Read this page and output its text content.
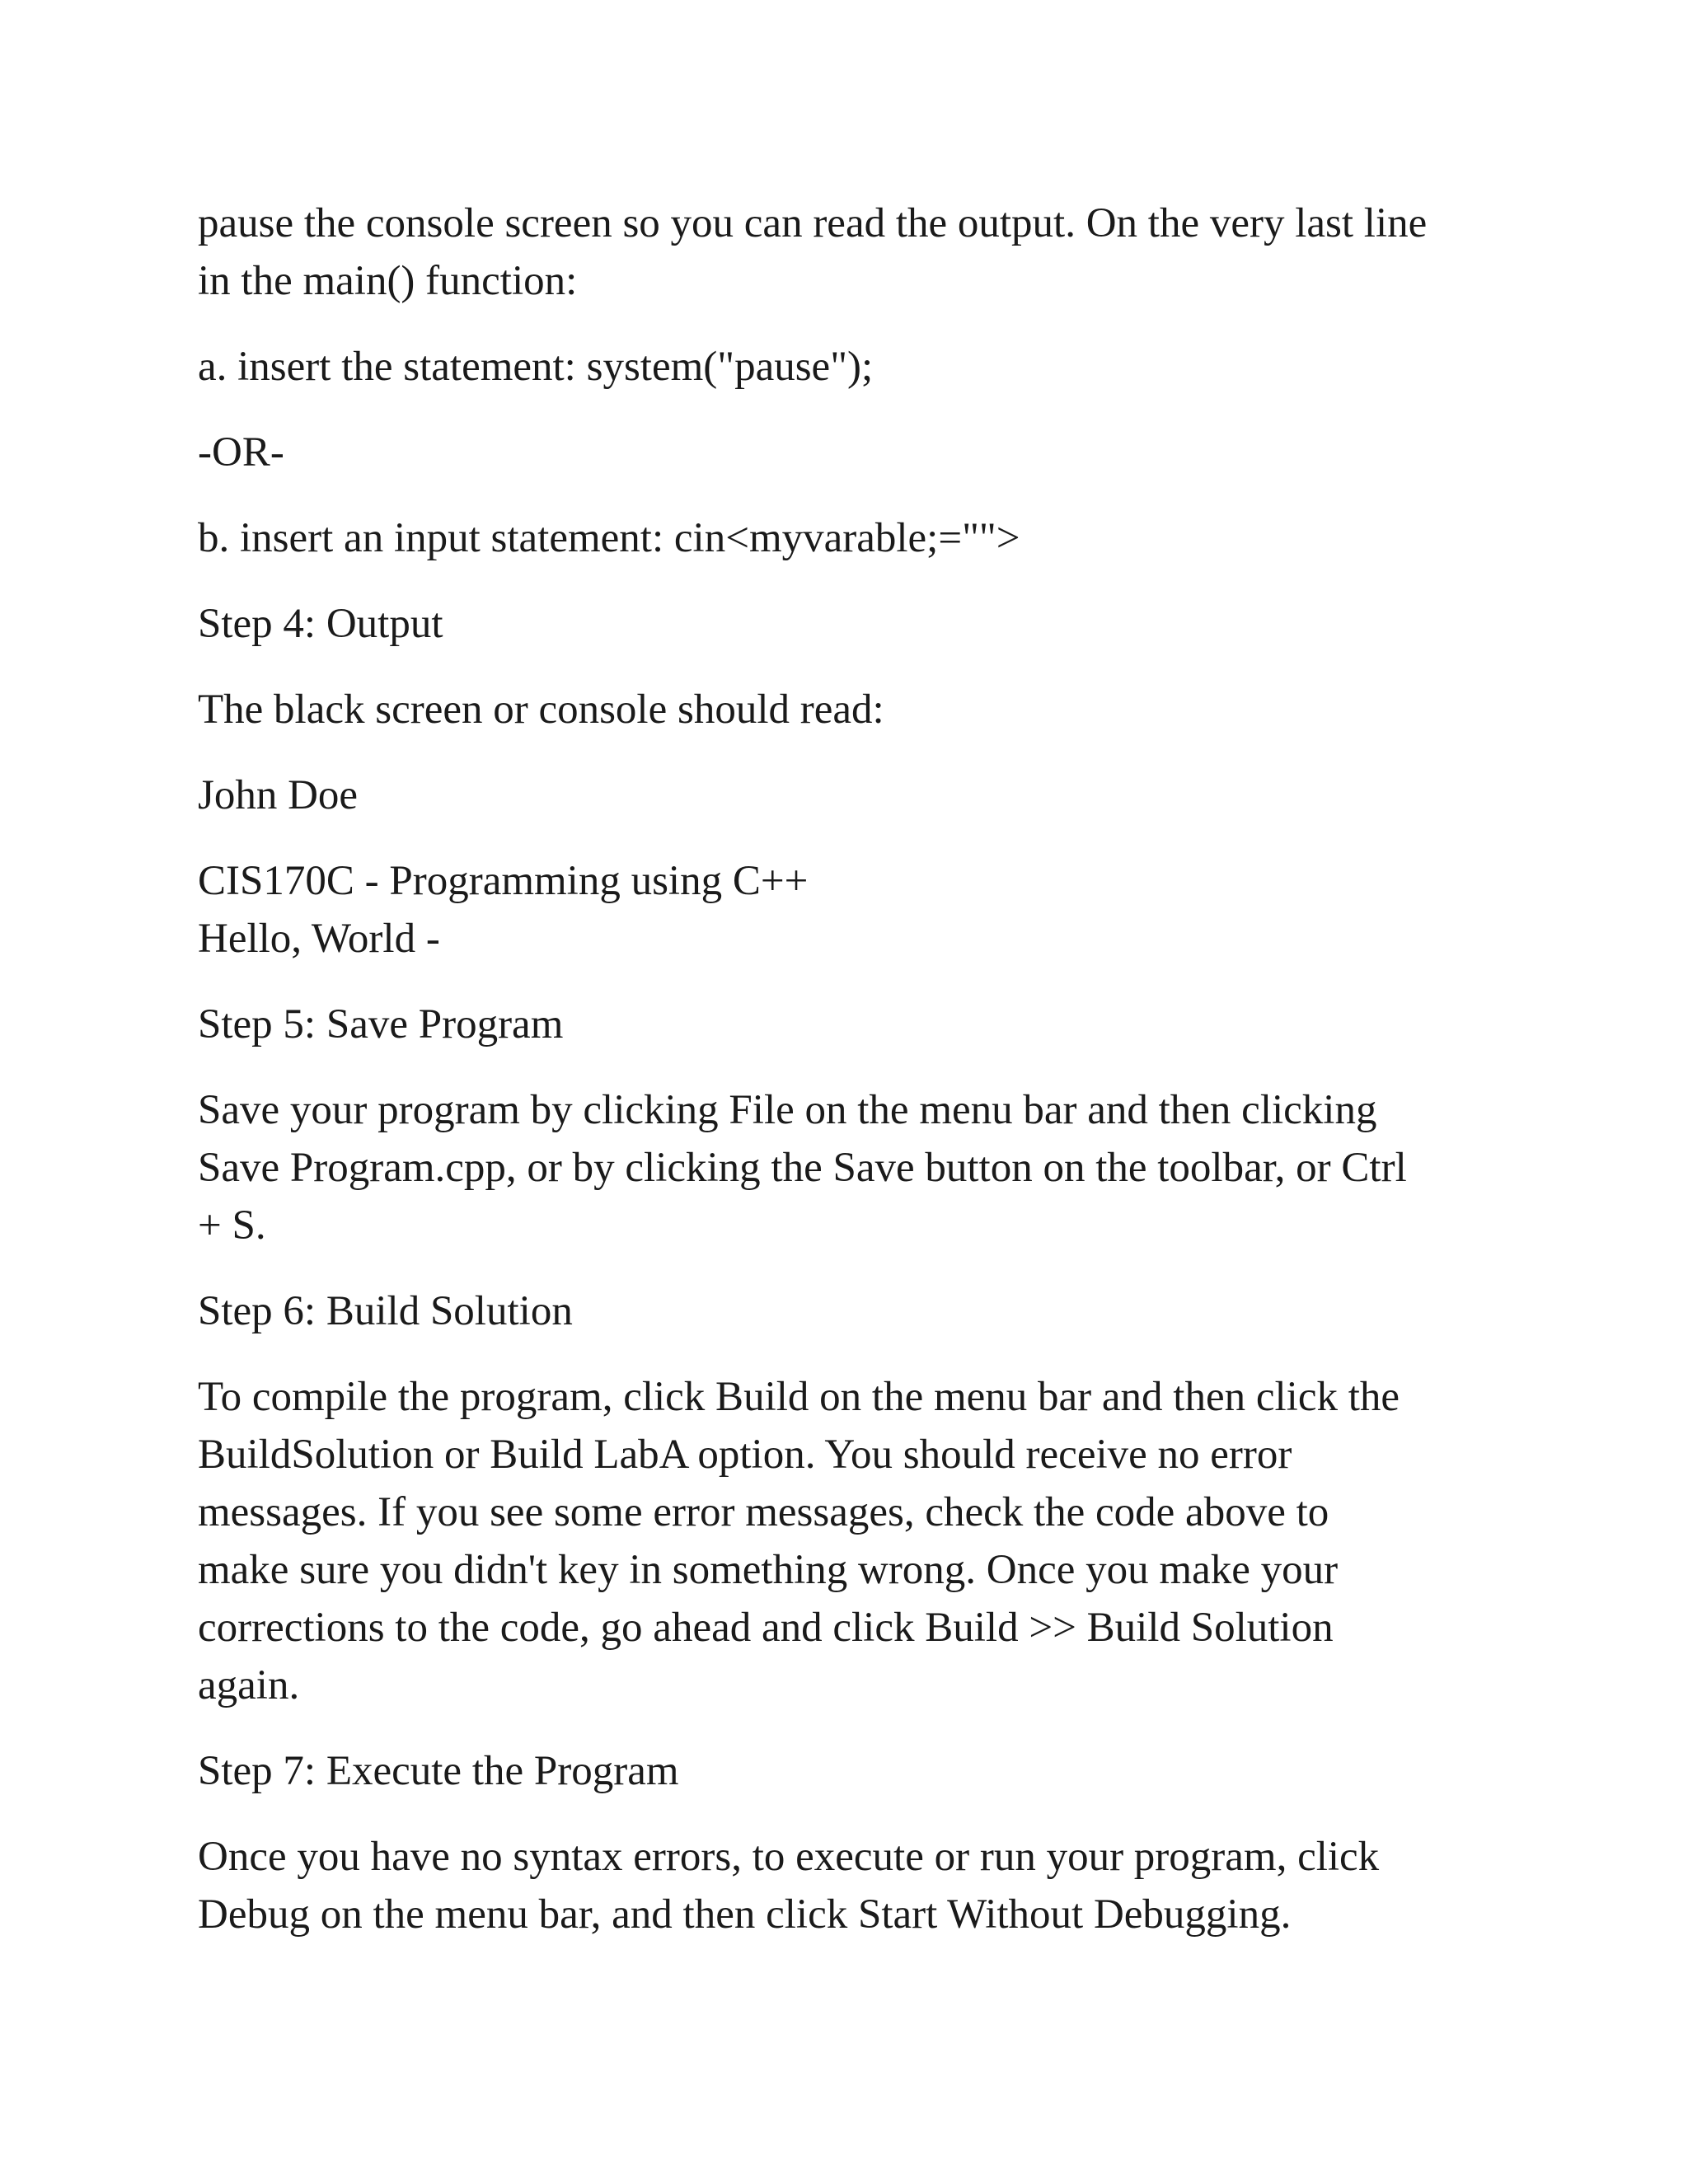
pause the console screen so you can read the output. On the very last line
in the main() function:

a. insert the statement: system("pause");

-OR-

b. insert an input statement: cin<myvarable;="">

Step 4: Output

The black screen or console should read:

John Doe

CIS170C - Programming using C++
Hello, World -

Step 5: Save Program

Save your program by clicking File on the menu bar and then clicking
Save Program.cpp, or by clicking the Save button on the toolbar, or Ctrl
+ S.

Step 6: Build Solution

To compile the program, click Build on the menu bar and then click the
BuildSolution or Build LabA option. You should receive no error
messages. If you see some error messages, check the code above to
make sure you didn't key in something wrong. Once you make your
corrections to the code, go ahead and click Build >> Build Solution
again.

Step 7: Execute the Program

Once you have no syntax errors, to execute or run your program, click
Debug on the menu bar, and then click Start Without Debugging.
